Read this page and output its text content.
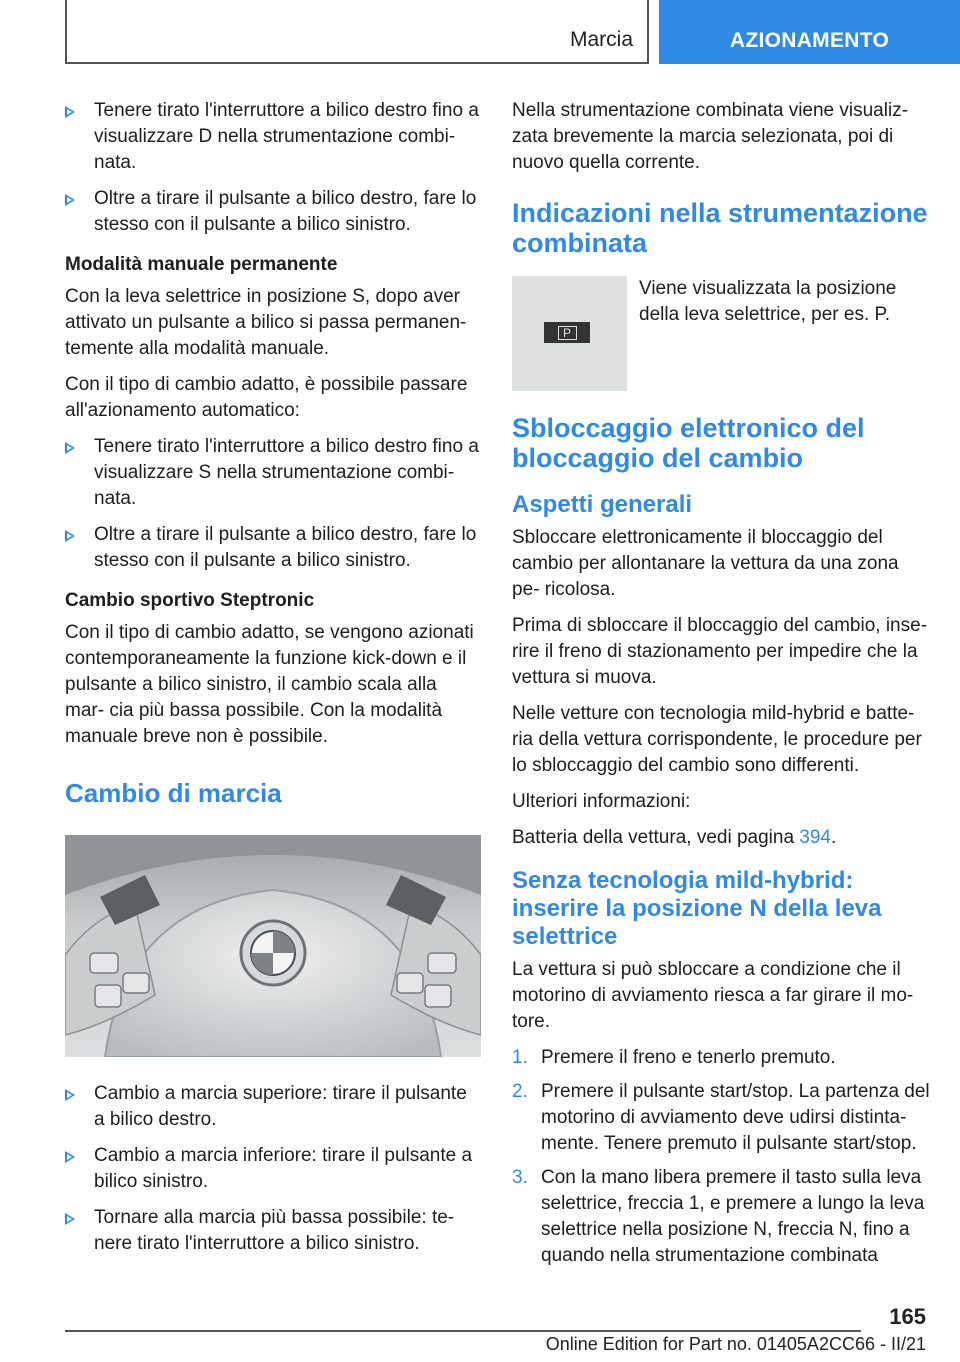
Marcia	AZIONAMENTO
Tenere tirato l'interruttore a bilico destro fino a visualizzare D nella strumentazione combi‐ nata.
Oltre a tirare il pulsante a bilico destro, fare lo stesso con il pulsante a bilico sinistro.
Modalità manuale permanente

Con la leva selettrice in posizione S, dopo aver attivato un pulsante a bilico si passa permanen‐ temente alla modalità manuale.

Con il tipo di cambio adatto, è possibile passare all'azionamento automatico:

Tenere tirato l'interruttore a bilico destro fino a visualizzare S nella strumentazione combi‐ nata.
Oltre a tirare il pulsante a bilico destro, fare lo stesso con il pulsante a bilico sinistro.
Cambio sportivo Steptronic

Con il tipo di cambio adatto, se vengono azionati contemporaneamente la funzione kick-down e il pulsante a bilico sinistro, il cambio scala alla mar‐ cia più bassa possibile. Con la modalità manuale breve non è possibile.

Cambio di marcia
Cambio a marcia superiore: tirare il pulsante a bilico destro.
Cambio a marcia inferiore: tirare il pulsante a bilico sinistro.
Tornare alla marcia più bassa possibile: te‐ nere tirato l'interruttore a bilico sinistro.

Nella strumentazione combinata viene visualiz‐ zata brevemente la marcia selezionata, poi di nuovo quella corrente.

Indicazioni nella strumentazione combinata
P
Viene visualizzata la posizione della leva selettrice, per es. P.
Sbloccaggio elettronico del bloccaggio del cambio
Aspetti generali

Sbloccare elettronicamente il bloccaggio del cambio per allontanare la vettura da una zona pe‐ ricolosa.

Prima di sbloccare il bloccaggio del cambio, inse‐ rire il freno di stazionamento per impedire che la vettura si muova.

Nelle vetture con tecnologia mild-hybrid e batte‐ ria della vettura corrispondente, le procedure per lo sbloccaggio del cambio sono differenti.

Ulteriori informazioni:

Batteria della vettura, vedi pagina 394.

Senza tecnologia mild-hybrid: inserire la posizione N della leva selettrice

La vettura si può sbloccare a condizione che il motorino di avviamento riesca a far girare il mo‐ tore.

1. Premere il freno e tenerlo premuto.
2. Premere il pulsante start/stop. La partenza del motorino di avviamento deve udirsi distinta‐ mente. Tenere premuto il pulsante start/stop.
3. Con la mano libera premere il tasto sulla leva selettrice, freccia 1, e premere a lungo la leva selettrice nella posizione N, freccia N, fino a quando nella strumentazione combinata
165
Online Edition for Part no. 01405A2CC66 - II/21
